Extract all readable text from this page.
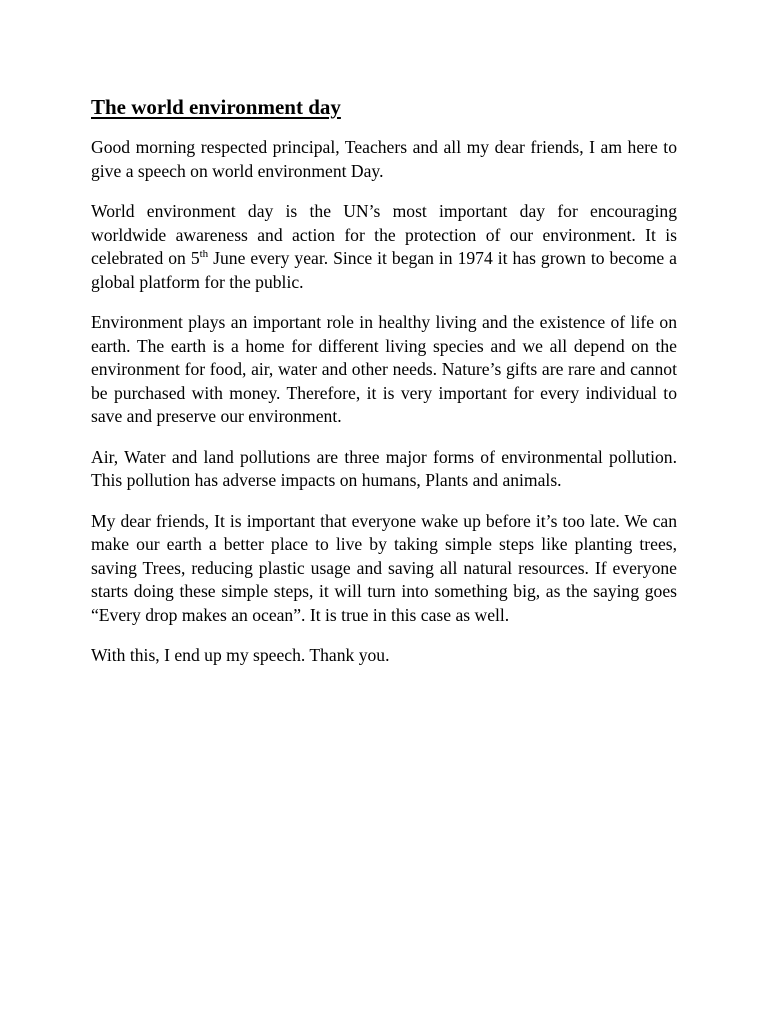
The world environment day

Good morning respected principal, Teachers and all my dear friends, I am here to give a speech on world environment Day.

World environment day is the UN’s most important day for encouraging worldwide awareness and action for the protection of our environment. It is celebrated on 5th June every year. Since it began in 1974 it has grown to become a global platform for the public.

Environment plays an important role in healthy living and the existence of life on earth. The earth is a home for different living species and we all depend on the environment for food, air, water and other needs. Nature’s gifts are rare and cannot be purchased with money. Therefore, it is very important for every individual to save and preserve our environment.

Air, Water and land pollutions are three major forms of environmental pollution. This pollution has adverse impacts on humans, Plants and animals.

My dear friends, It is important that everyone wake up before it’s too late. We can make our earth a better place to live by taking simple steps like planting trees, saving Trees, reducing plastic usage and saving all natural resources. If everyone starts doing these simple steps, it will turn into something big, as the saying goes “Every drop makes an ocean”. It is true in this case as well.

With this, I end up my speech. Thank you.
